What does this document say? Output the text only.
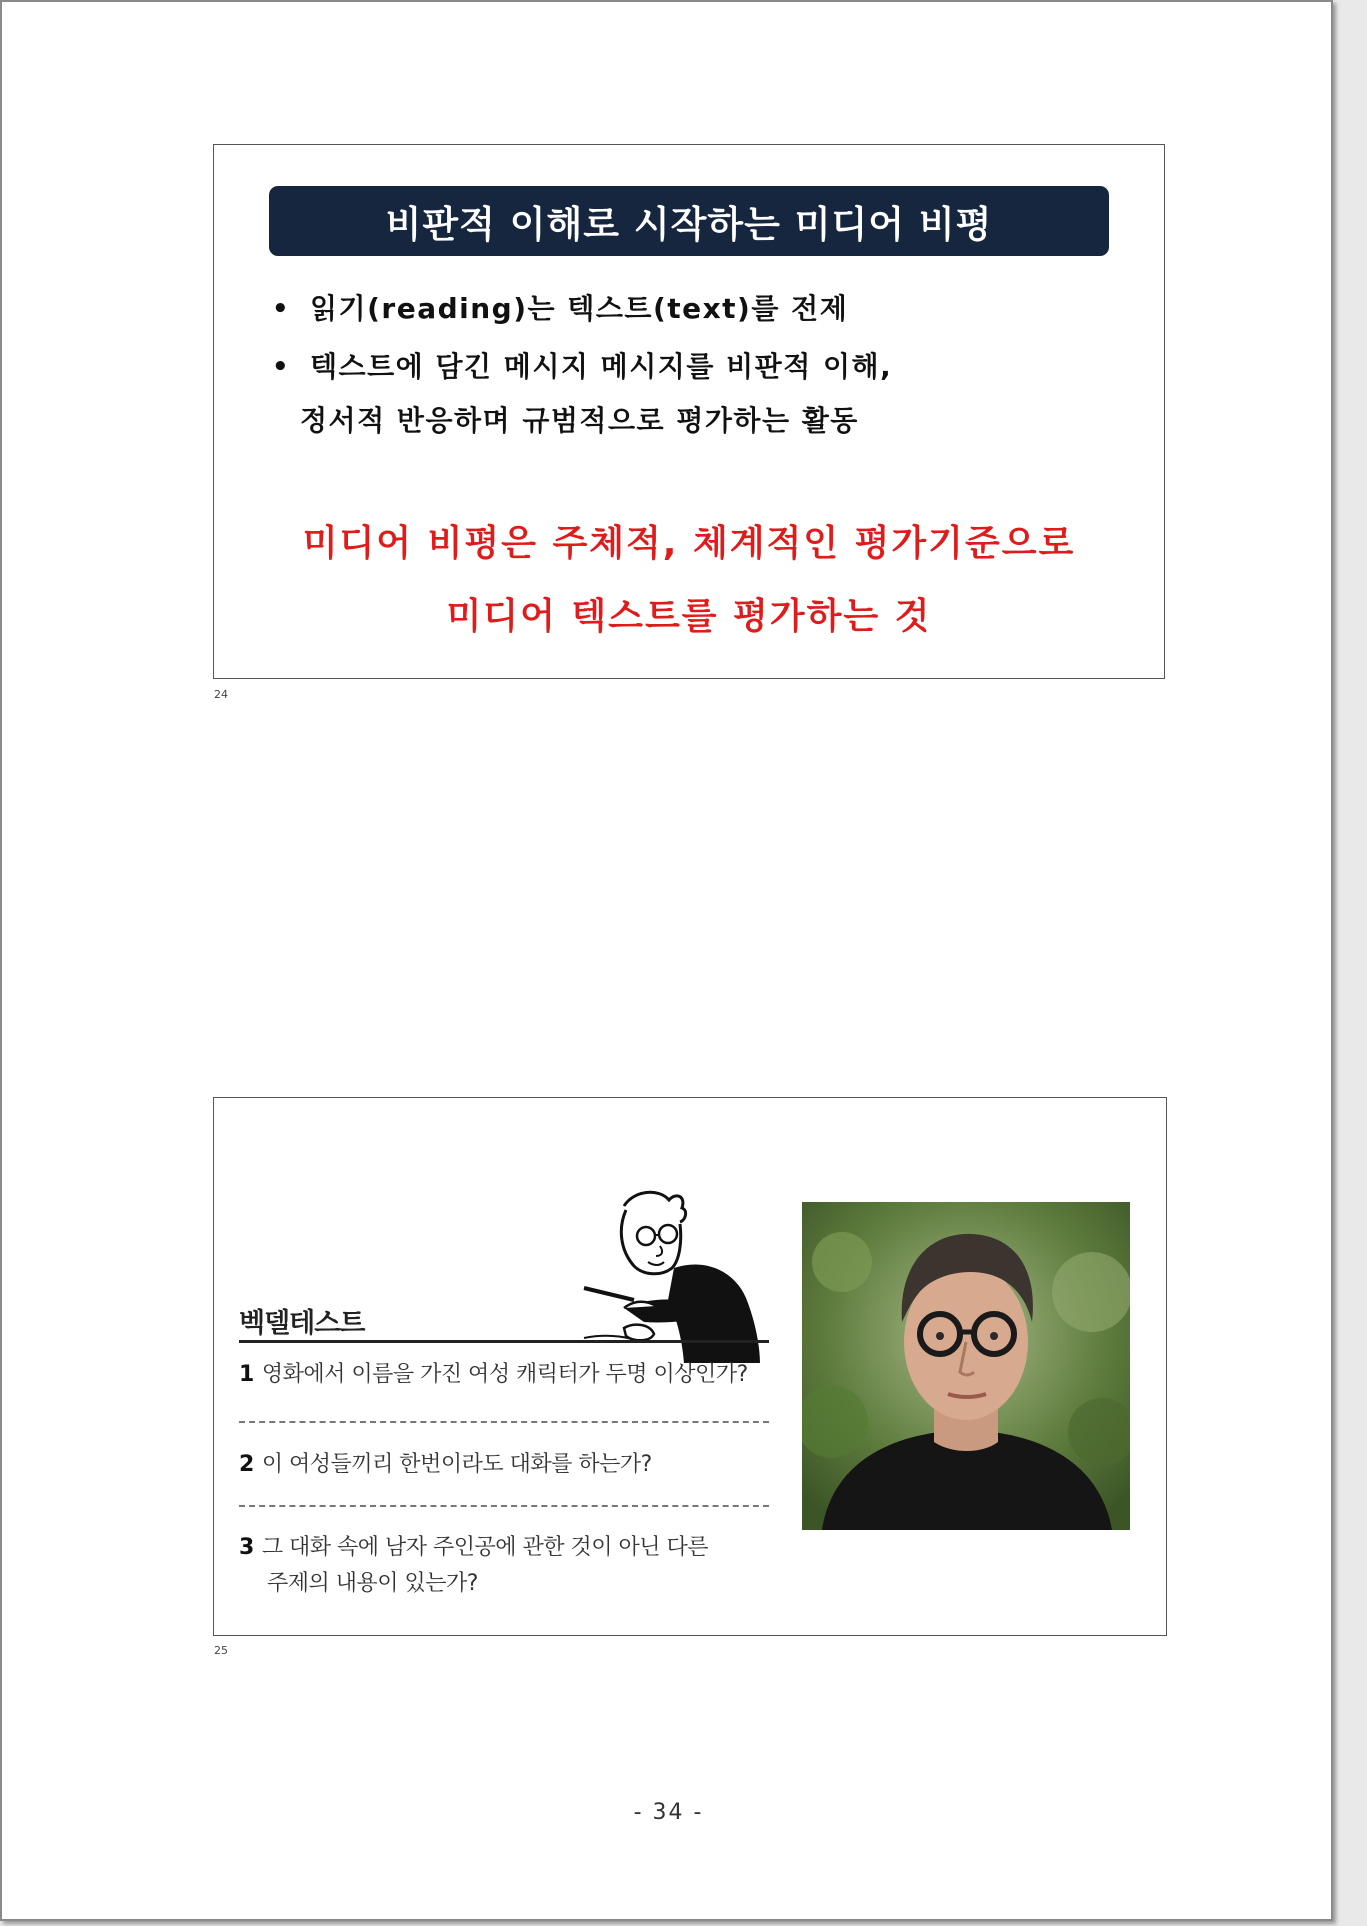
비판적 이해로 시작하는 미디어 비평
• 읽기(reading)는 텍스트(text)를 전제
• 텍스트에 담긴 메시지 메시지를 비판적 이해,
정서적 반응하며 규범적으로 평가하는 활동
미디어 비평은 주체적, 체계적인 평가기준으로
미디어 텍스트를 평가하는 것
24
벡델테스트
1 영화에서 이름을 가진 여성 캐릭터가 두명 이상인가?
2 이 여성들끼리 한번이라도 대화를 하는가?
3 그 대화 속에 남자 주인공에 관한 것이 아닌 다른
주제의 내용이 있는가?
25
- 34 -
